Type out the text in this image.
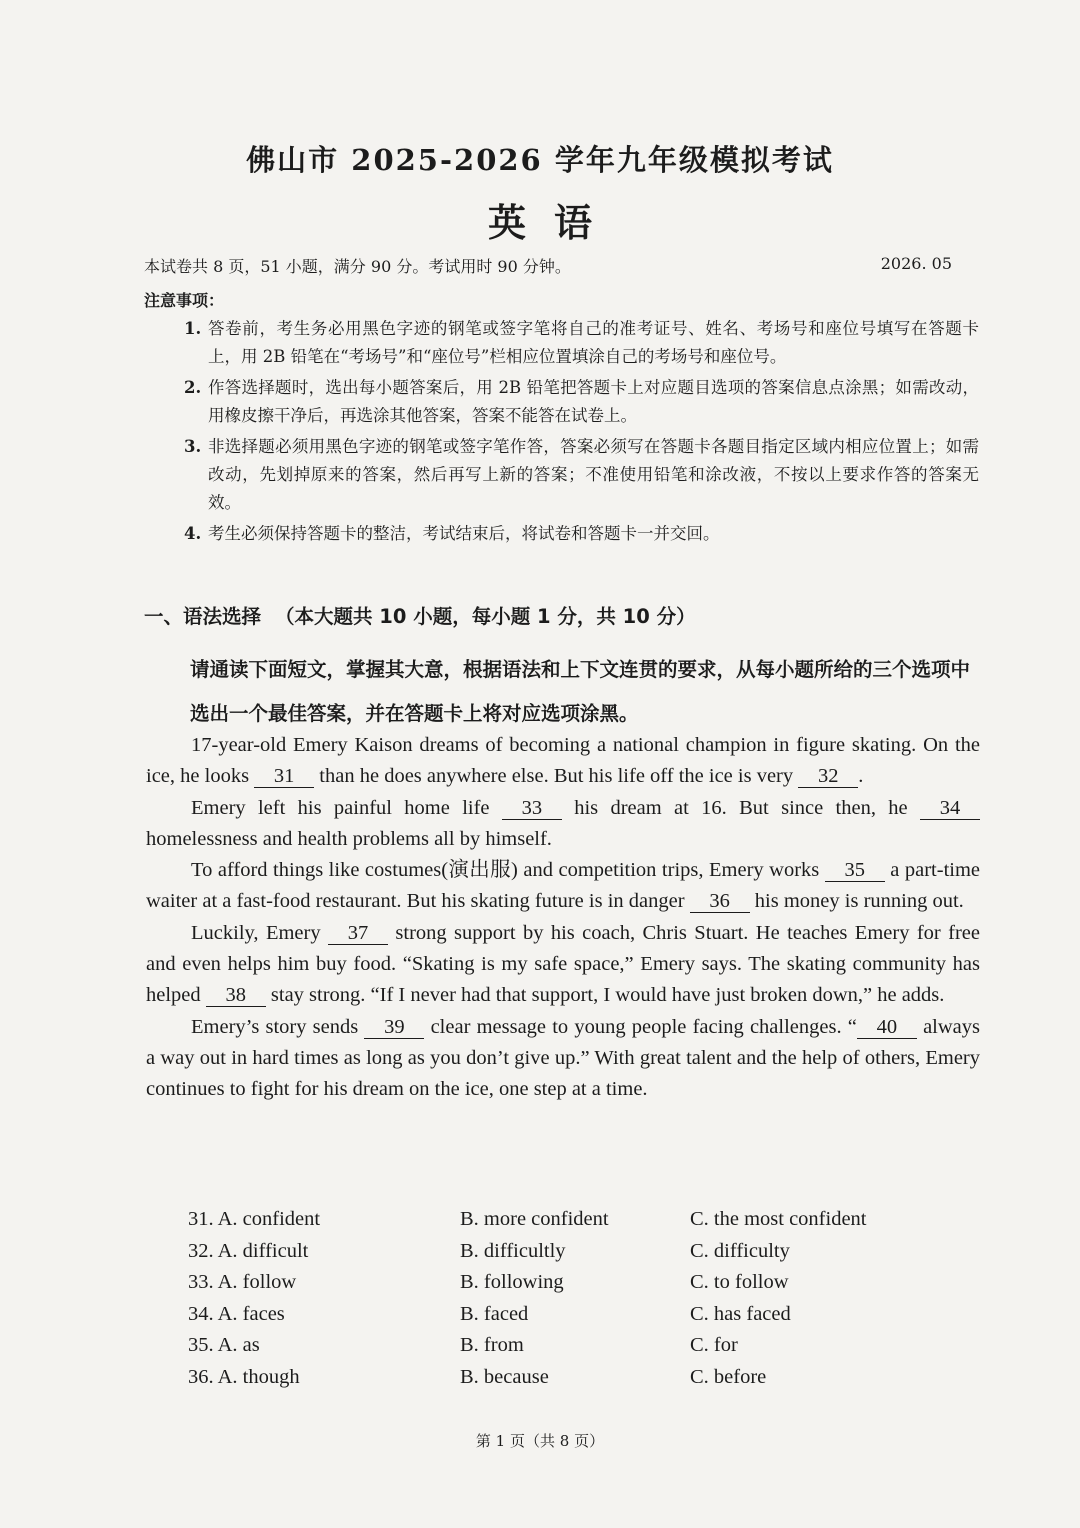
佛山市 2025-2026 学年九年级模拟考试
英语
本试卷共 8 页，51 小题，满分 90 分。考试用时 90 分钟。	2026. 05
注意事项：
1. 答卷前，考生务必用黑色字迹的钢笔或签字笔将自己的准考证号、姓名、考场号和座位号填写在答题卡上，用 2B 铅笔在“考场号”和“座位号”栏相应位置填涂自己的考场号和座位号。
2. 作答选择题时，选出每小题答案后，用 2B 铅笔把答题卡上对应题目选项的答案信息点涂黑；如需改动，用橡皮擦干净后，再选涂其他答案，答案不能答在试卷上。
3. 非选择题必须用黑色字迹的钢笔或签字笔作答，答案必须写在答题卡各题目指定区域内相应位置上；如需改动，先划掉原来的答案，然后再写上新的答案；不准使用铅笔和涂改液，不按以上要求作答的答案无效。
4. 考生必须保持答题卡的整洁，考试结束后，将试卷和答题卡一并交回。
一、语法选择 （本大题共 10 小题，每小题 1 分，共 10 分）
请通读下面短文，掌握其大意，根据语法和上下文连贯的要求，从每小题所给的三个选项中选出一个最佳答案，并在答题卡上将对应选项涂黑。

17-year-old Emery Kaison dreams of becoming a national champion in figure skating. On the ice, he looks 31 than he does anywhere else. But his life off the ice is very 32 .

Emery left his painful home life 33 his dream at 16. But since then, he 34 homelessness and health problems all by himself.

To afford things like costumes(演出服) and competition trips, Emery works 35 a part-time waiter at a fast-food restaurant. But his skating future is in danger 36 his money is running out.

Luckily, Emery 37 strong support by his coach, Chris Stuart. He teaches Emery for free and even helps him buy food. “Skating is my safe space,” Emery says. The skating community has helped 38 stay strong. “If I never had that support, I would have just broken down,” he adds.

Emery’s story sends 39 clear message to young people facing challenges. “ 40 always a way out in hard times as long as you don’t give up.” With great talent and the help of others, Emery continues to fight for his dream on the ice, one step at a time.

31. A. confident	B. more confident	C. the most confident
32. A. difficult	B. difficultly	C. difficulty
33. A. follow	B. following	C. to follow
34. A. faces	B. faced	C. has faced
35. A. as	B. from	C. for
36. A. though	B. because	C. before
第 1 页（共 8 页）
